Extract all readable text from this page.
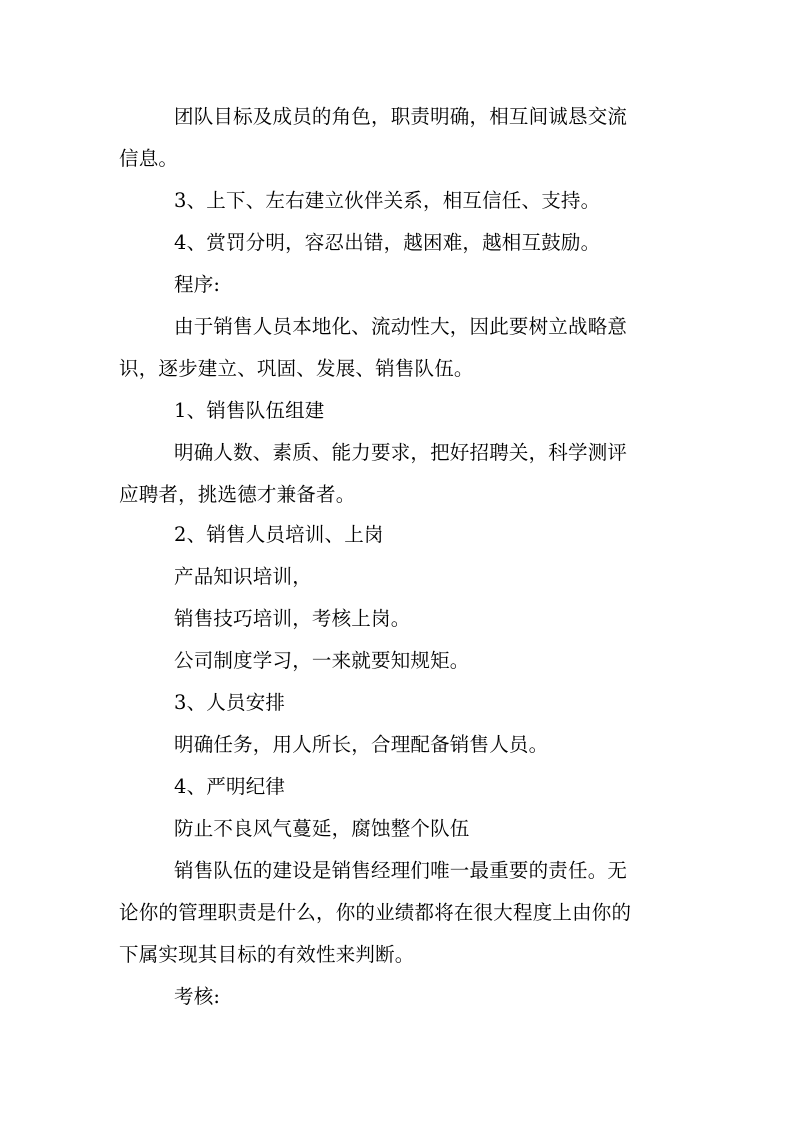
团队目标及成员的角色，职责明确，相互间诚恳交流
信息。
3、上下、左右建立伙伴关系，相互信任、支持。
4、赏罚分明，容忍出错，越困难，越相互鼓励。
程序:
由于销售人员本地化、流动性大，因此要树立战略意
识，逐步建立、巩固、发展、销售队伍。
1、销售队伍组建
明确人数、素质、能力要求，把好招聘关，科学测评
应聘者，挑选德才兼备者。
2、销售人员培训、上岗
产品知识培训，
销售技巧培训，考核上岗。
公司制度学习，一来就要知规矩。
3、人员安排
明确任务，用人所长，合理配备销售人员。
4、严明纪律
防止不良风气蔓延，腐蚀整个队伍
销售队伍的建设是销售经理们唯一最重要的责任。无
论你的管理职责是什么，你的业绩都将在很大程度上由你的
下属实现其目标的有效性来判断。
考核:
